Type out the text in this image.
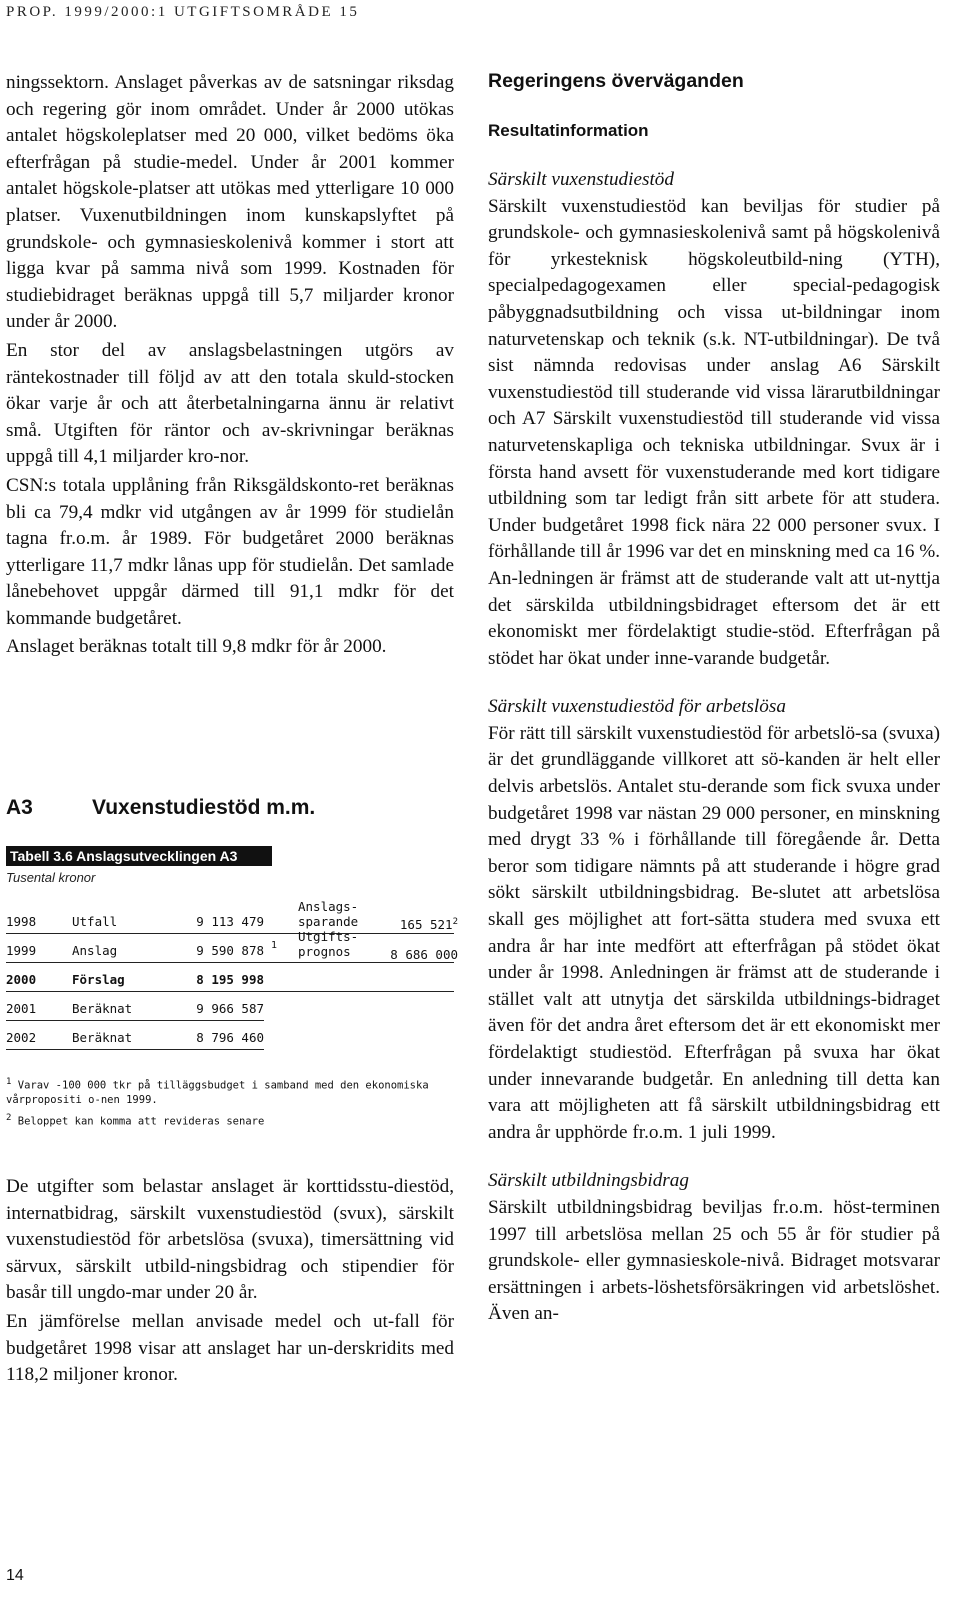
PROP. 1999/2000:1 UTGIFTSOMRÅDE 15

ningssektorn. Anslaget påverkas av de satsningar riksdag och regering gör inom området. Under år 2000 utökas antalet högskoleplatser med 20 000, vilket bedöms öka efterfrågan på studie-medel. Under år 2001 kommer antalet högskole-platser att utökas med ytterligare 10 000 platser. Vuxenutbildningen inom kunskapslyftet på grundskole- och gymnasieskolenivå kommer i stort att ligga kvar på samma nivå som 1999. Kostnaden för studiebidraget beräknas uppgå till 5,7 miljarder kronor under år 2000.

En stor del av anslagsbelastningen utgörs av räntekostnader till följd av att den totala skuld-stocken ökar varje år och att återbetalningarna ännu är relativt små. Utgiften för räntor och av-skrivningar beräknas uppgå till 4,1 miljarder kro-nor.

CSN:s totala upplåning från Riksgäldskonto-ret beräknas bli ca 79,4 mdkr vid utgången av år 1999 för studielån tagna fr.o.m. år 1989. För budgetåret 2000 beräknas ytterligare 11,7 mdkr lånas upp för studielån. Det samlade lånebehovet uppgår därmed till 91,1 mdkr för det kommande budgetåret.

Anslaget beräknas totalt till 9,8 mdkr för år 2000.

A3	Vuxenstudiestöd m.m.
Tabell 3.6 Anslagsutvecklingen A3
Tusental kronor
1998	Utfall	9 113 479
1999	Anslag	9 590 878 1
2000	Förslag	8 195 998
2001	Beräknat	9 966 587
2002	Beräknat	8 796 460
Anslags-
sparande	165 $521^2$
Utgifts-
prognos	8 686 000
$^1$ Varav -100 000 tkr på tilläggsbudget i samband med den ekonomiska vårpropositi o-nen 1999.
$^2$ Beloppet kan komma att revideras senare

De utgifter som belastar anslaget är korttidsstu-diestöd, internatbidrag, särskilt vuxenstudiestöd (svux), särskilt vuxenstudiestöd för arbetslösa (svuxa), timersättning vid särvux, särskilt utbild-ningsbidrag och stipendier för basår till ungdo-mar under 20 år.

En jämförelse mellan anvisade medel och ut-fall för budgetåret 1998 visar att anslaget har un-derskridits med 118,2 miljoner kronor.

Regeringens överväganden
Resultatinformation

Särskilt vuxenstudiestöd

Särskilt vuxenstudiestöd kan beviljas för studier på grundskole- och gymnasieskolenivå samt på högskolenivå för yrkesteknisk högskoleutbild-ning (YTH), specialpedagogexamen eller special-pedagogisk påbyggnadsutbildning och vissa ut-bildningar inom naturvetenskap och teknik (s.k. NT-utbildningar). De två sist nämnda redovisas under anslag A6 Särskilt vuxenstudiestöd till studerande vid vissa lärarutbildningar och A7 Särskilt vuxenstudiestöd till studerande vid vissa naturvetenskapliga och tekniska utbildningar. Svux är i första hand avsett för vuxenstuderande med kort tidigare utbildning som tar ledigt från sitt arbete för att studera. Under budgetåret 1998 fick nära 22 000 personer svux. I förhållande till år 1996 var det en minskning med ca 16 %. An-ledningen är främst att de studerande valt att ut-nyttja det särskilda utbildningsbidraget eftersom det är ett ekonomiskt mer fördelaktigt studie-stöd. Efterfrågan på stödet har ökat under inne-varande budgetår.

Särskilt vuxenstudiestöd för arbetslösa

För rätt till särskilt vuxenstudiestöd för arbetslö-sa (svuxa) är det grundläggande villkoret att sö-kanden är helt eller delvis arbetslös. Antalet stu-derande som fick svuxa under budgetåret 1998 var nästan 29 000 personer, en minskning med drygt 33 % i förhållande till föregående år. Detta beror som tidigare nämnts på att studerande i högre grad sökt särskilt utbildningsbidrag. Be-slutet att arbetslösa skall ges möjlighet att fort-sätta studera med svuxa ett andra år har inte medfört att efterfrågan på stödet ökat under år 1998. Anledningen är främst att de studerande i stället valt att utnytja det särskilda utbildnings-bidraget även för det andra året eftersom det är ett ekonomiskt mer fördelaktigt studiestöd. Efterfrågan på svuxa har ökat under innevarande budgetår. En anledning till detta kan vara att möjligheten att få särskilt utbildningsbidrag ett andra år upphörde fr.o.m. 1 juli 1999.

Särskilt utbildningsbidrag

Särskilt utbildningsbidrag beviljas fr.o.m. höst-terminen 1997 till arbetslösa mellan 25 och 55 år för studier på grundskole- eller gymnasieskole-nivå. Bidraget motsvarar ersättningen i arbets-löshetsförsäkringen vid arbetslöshet. Även an-

14
